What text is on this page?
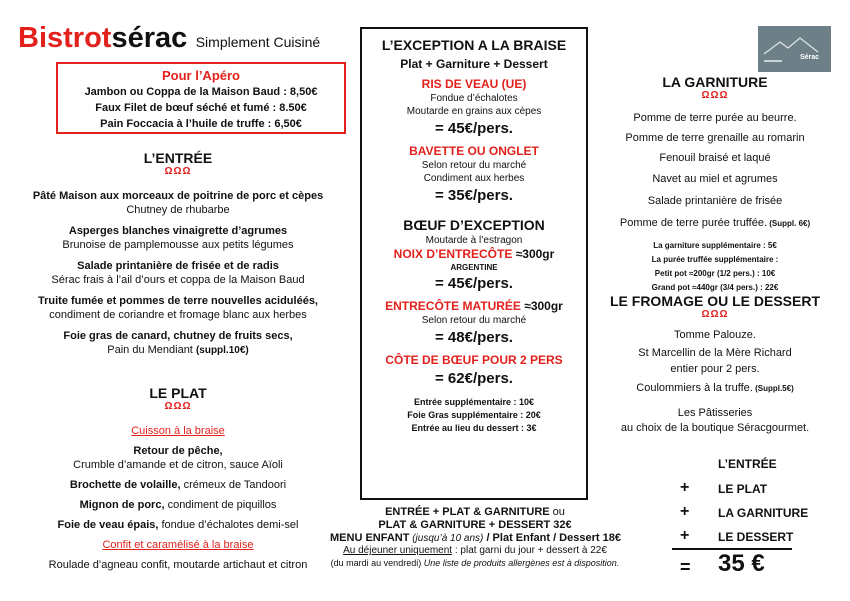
Bistrotsérac Simplement Cuisiné
Sérac
Pour l’Apéro
Jambon ou Coppa de la Maison Baud : 8,50€
Faux Filet de bœuf séché et fumé : 8.50€
Pain Foccacia à l’huile de truffe : 6,50€
L’ENTRÉE
ΩΩΩ
Pâté Maison aux morceaux de poitrine de porc et cèpes
Chutney de rhubarbe
Asperges blanches vinaigrette d’agrumes
Brunoise de pamplemousse aux petits légumes
Salade printanière de frisée et de radis
Sérac frais à l’ail d’ours et coppa de la Maison Baud
Truite fumée et pommes de terre nouvelles aciduléés,
condiment de coriandre et fromage blanc aux herbes
Foie gras de canard, chutney de fruits secs,
Pain du Mendiant (suppl.10€)
LE PLAT
ΩΩΩ
Cuisson à la braise
Retour de pêche,
Crumble d’amande et de citron, sauce Aïoli
Brochette de volaille, crémeux de Tandoori
Mignon de porc, condiment de piquillos
Foie de veau épais, fondue d’échalotes demi-sel
Confit et caramélisé à la braise
Roulade d’agneau confit, moutarde artichaut et citron
L’EXCEPTION A LA BRAISE
Plat + Garniture + Dessert
RIS DE VEAU (UE)
Fondue d’échalotes
Moutarde en grains aux cèpes
= 45€/pers.
BAVETTE OU ONGLET
Selon retour du marché
Condiment aux herbes
= 35€/pers.
BŒUF D’EXCEPTION
Moutarde à l’estragon
NOIX D’ENTRECÔTE ≈300gr
ARGENTINE
= 45€/pers.
ENTRECÔTE MATURÉE ≈300gr
Selon retour du marché
= 48€/pers.
CÔTE DE BŒUF POUR 2 PERS
= 62€/pers.
Entrée supplémentaire : 10€
Foie Gras supplémentaire : 20€
Entrée au lieu du dessert : 3€
ENTRÉE + PLAT & GARNITURE ou
PLAT & GARNITURE + DESSERT 32€
MENU ENFANT (jusqu’à 10 ans) / Plat Enfant / Dessert 18€
Au déjeuner uniquement : plat garni du jour + dessert à 22€
(du mardi au vendredi) Une liste de produits allergènes est à disposition.
LA GARNITURE
ΩΩΩ
Pomme de terre purée au beurre.
Pomme de terre grenaille au romarin
Fenouil braisé et laqué
Navet au miel et agrumes
Salade printanière de frisée
Pomme de terre purée truffée. (Suppl. 6€)
La garniture supplémentaire : 5€
La purée truffée supplémentaire :
Petit pot ≈200gr (1/2 pers.) : 10€
Grand pot ≈440gr (3/4 pers.) : 22€
LE FROMAGE OU LE DESSERT
ΩΩΩ
Tomme Palouze.
St Marcellin de la Mère Richard
entier pour 2 pers.
Coulommiers à la truffe. (Suppl.5€)
Les Pâtisseries
au choix de la boutique Séracgourmet.
L’ENTRÉE
+ LE PLAT
+ LA GARNITURE
+ LE DESSERT
= 35 €
